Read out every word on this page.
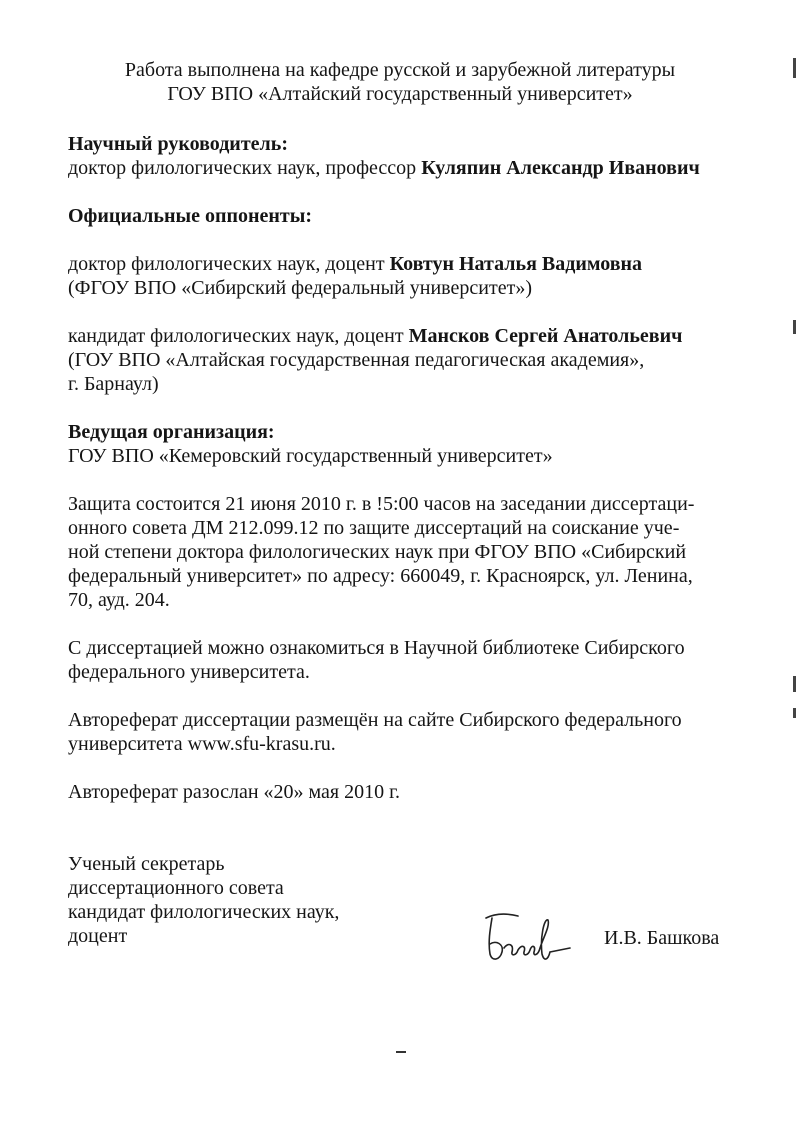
Работа выполнена на кафедре русской и зарубежной литературы
ГОУ ВПО «Алтайский государственный университет»
Научный руководитель:
доктор филологических наук, профессор Куляпин Александр Иванович
Официальные оппоненты:
доктор филологических наук, доцент Ковтун Наталья Вадимовна
(ФГОУ ВПО «Сибирский федеральный университет»)
кандидат филологических наук, доцент Мансков Сергей Анатольевич
(ГОУ ВПО «Алтайская государственная педагогическая академия»,
г. Барнаул)
Ведущая организация:
ГОУ ВПО «Кемеровский государственный университет»
Защита состоится 21 июня 2010 г. в !5:00 часов на заседании диссертаци-
онного совета ДМ 212.099.12 по защите диссертаций на соискание уче-
ной степени доктора филологических наук при ФГОУ ВПО «Сибирский
федеральный университет» по адресу: 660049, г. Красноярск, ул. Ленина,
70, ауд. 204.
С диссертацией можно ознакомиться в Научной библиотеке Сибирского
федерального университета.
Автореферат диссертации размещён на сайте Сибирского федерального
университета www.sfu-krasu.ru.
Автореферат разослан «20» мая 2010 г.
Ученый секретарь
диссертационного совета
кандидат филологических наук,
доцент	И.В. Башкова
